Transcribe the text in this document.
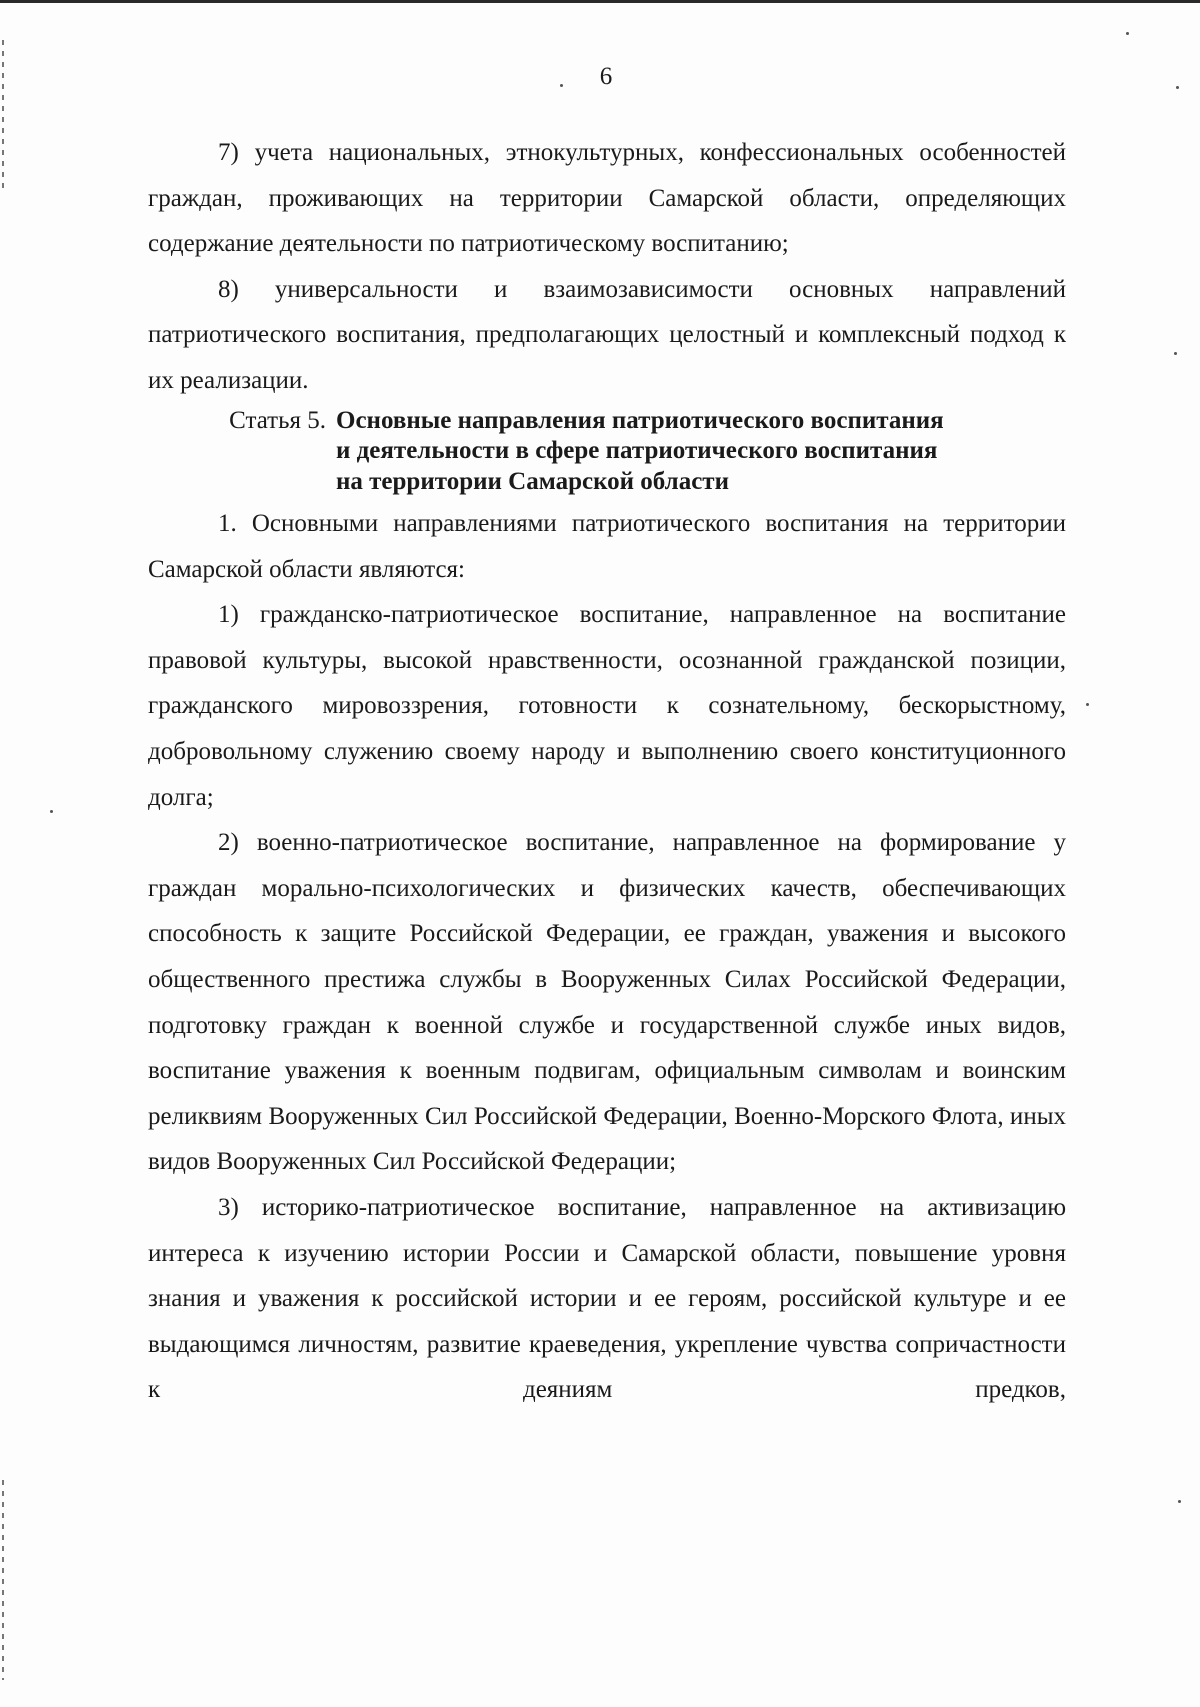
6

7) учета национальных, этнокультурных, конфессиональных особенностей граждан, проживающих на территории Самарской области, определяющих содержание деятельности по патриотическому воспитанию;

8) универсальности и взаимозависимости основных направлений патриотического воспитания, предполагающих целостный и комплексный подход к их реализации.

Статья 5. Основные направления патриотического воспитания
и деятельности в сфере патриотического воспитания
на территории Самарской области

1. Основными направлениями патриотического воспитания на территории Самарской области являются:

1) гражданско-патриотическое воспитание, направленное на воспитание правовой культуры, высокой нравственности, осознанной гражданской позиции, гражданского мировоззрения, готовности к сознательному, бескорыстному, добровольному служению своему народу и выполнению своего конституционного долга;

2) военно-патриотическое воспитание, направленное на формирование у граждан морально-психологических и физических качеств, обеспечивающих способность к защите Российской Федерации, ее граждан, уважения и высокого общественного престижа службы в Вооруженных Силах Российской Федерации, подготовку граждан к военной службе и государственной службе иных видов, воспитание уважения к военным подвигам, официальным символам и воинским реликвиям Вооруженных Сил Российской Федерации, Военно-Морского Флота, иных видов Вооруженных Сил Российской Федерации;

3) историко-патриотическое воспитание, направленное на активизацию интереса к изучению истории России и Самарской области, повышение уровня знания и уважения к российской истории и ее героям, российской культуре и ее выдающимся личностям, развитие краеведения, укрепление чувства сопричастности к деяниям предков,
